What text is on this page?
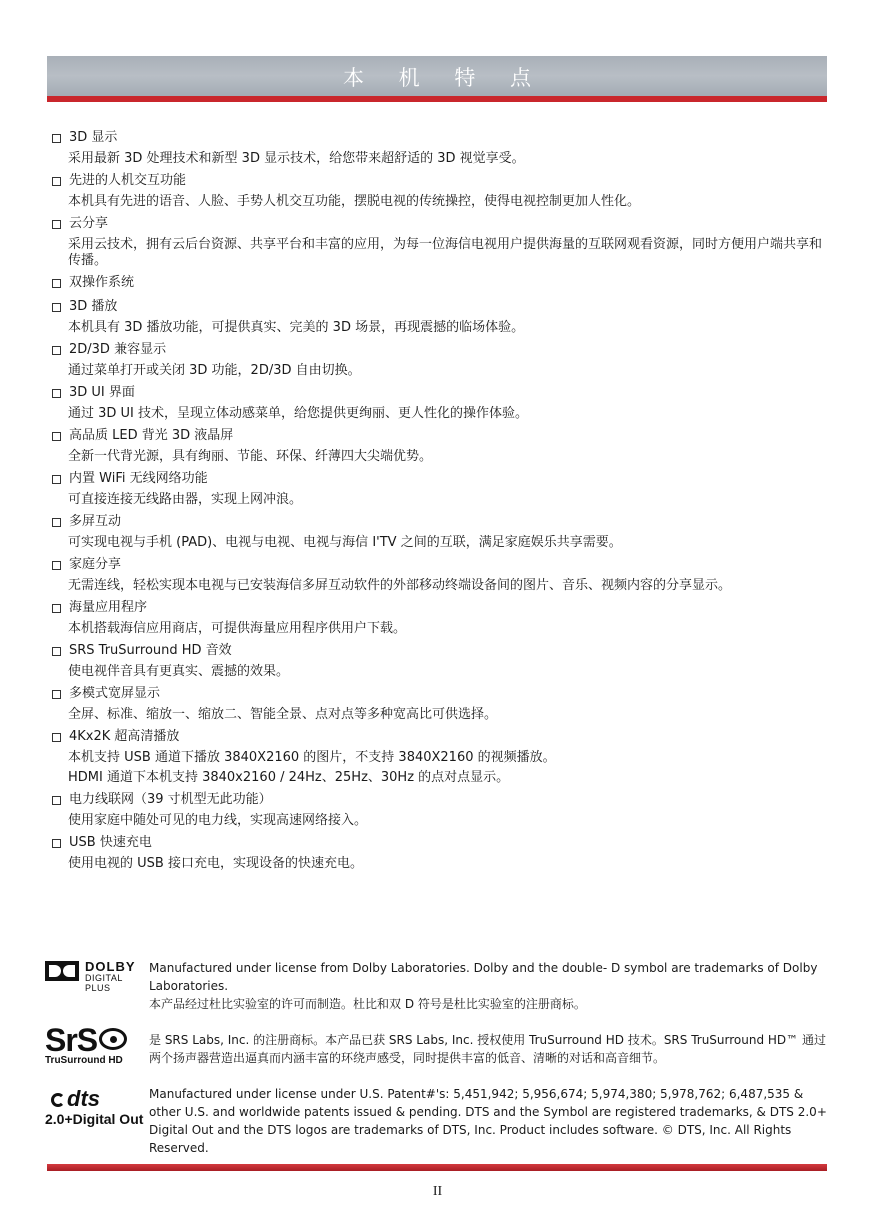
本 机 特 点
3D 显示
采用最新 3D 处理技术和新型 3D 显示技术，给您带来超舒适的 3D 视觉享受。
先进的人机交互功能
本机具有先进的语音、人脸、手势人机交互功能，摆脱电视的传统操控，使得电视控制更加人性化。
云分享
采用云技术，拥有云后台资源、共享平台和丰富的应用，为每一位海信电视用户提供海量的互联网观看资源，同时方便用户端共享和传播。
双操作系统
3D 播放
本机具有 3D 播放功能，可提供真实、完美的 3D 场景，再现震撼的临场体验。
2D/3D 兼容显示
通过菜单打开或关闭 3D 功能，2D/3D 自由切换。
3D UI 界面
通过 3D UI 技术，呈现立体动感菜单，给您提供更绚丽、更人性化的操作体验。
高品质 LED 背光 3D 液晶屏
全新一代背光源，具有绚丽、节能、环保、纤薄四大尖端优势。
内置 WiFi 无线网络功能
可直接连接无线路由器，实现上网冲浪。
多屏互动
可实现电视与手机 (PAD)、电视与电视、电视与海信 I'TV 之间的互联，满足家庭娱乐共享需要。
家庭分享
无需连线，轻松实现本电视与已安装海信多屏互动软件的外部移动终端设备间的图片、音乐、视频内容的分享显示。
海量应用程序
本机搭载海信应用商店，可提供海量应用程序供用户下载。
SRS TruSurround HD 音效
使电视伴音具有更真实、震撼的效果。
多模式宽屏显示
全屏、标准、缩放一、缩放二、智能全景、点对点等多种宽高比可供选择。
4Kx2K 超高清播放
本机支持 USB 通道下播放 3840X2160 的图片，不支持 3840X2160 的视频播放。
HDMI 通道下本机支持 3840x2160 / 24Hz、25Hz、30Hz 的点对点显示。
电力线联网（39 寸机型无此功能）
使用家庭中随处可见的电力线，实现高速网络接入。
USB 快速充电
使用电视的 USB 接口充电，实现设备的快速充电。
DOLBY
DIGITAL PLUS
Manufactured under license from Dolby Laboratories. Dolby and the double- D symbol are trademarks of Dolby Laboratories.
本产品经过杜比实验室的许可而制造。杜比和双 D 符号是杜比实验室的注册商标。
SrS
TruSurround HD
是 SRS Labs, Inc. 的注册商标。本产品已获 SRS Labs, Inc. 授权使用 TruSurround HD 技术。SRS TruSurround HD™ 通过两个扬声器营造出逼真而内涵丰富的环绕声感受，同时提供丰富的低音、清晰的对话和高音细节。
dts
2.0+Digital Out
Manufactured under license under U.S. Patent#'s: 5,451,942; 5,956,674; 5,974,380; 5,978,762; 6,487,535 & other U.S. and worldwide patents issued & pending. DTS and the Symbol are registered trademarks, & DTS 2.0+ Digital Out and the DTS logos are trademarks of DTS, Inc. Product includes software. © DTS, Inc. All Rights Reserved.
II
